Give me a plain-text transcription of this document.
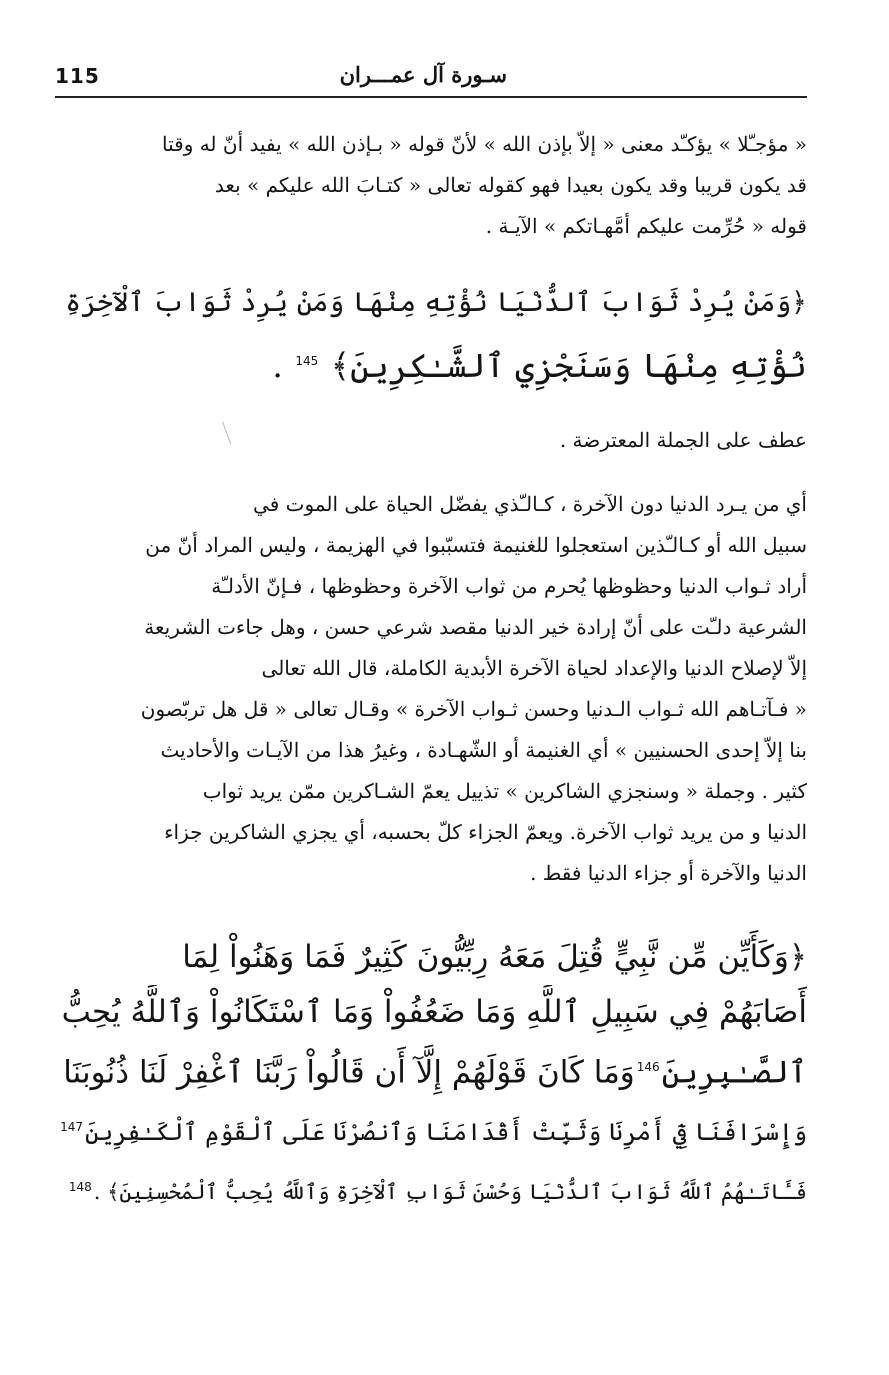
سـورة آل عمـــران
115
« مؤجـّلا » يؤكـّد معنى « إلاّ بإذن الله » لأنّ قوله « بـإذن الله » يفيد أنّ له وقتا
قد يكون قريبا وقد يكون بعيدا فهو كقوله تعالى « كتـابَ الله عليكم » بعد
قوله « حُرِّمت عليكم أمَّهـاتكم » الآيـة .
﴿وَمَنْ يُرِدْ ثَوَابَ ٱلدُّنْيَا نُؤْتِهِ مِنْهَا وَمَنْ يُرِدْ ثَوَابَ ٱلْآخِرَةِ
نُؤْتِهِ مِنْهَا وَسَنَجْزِي ٱلشَّـٰكِرِينَ﴾ 145 .
عطف على الجملة المعترضة .
أي من يـرد الدنيا دون الآخرة ، كـالـّذي يفضّل الحياة على الموت في
سبيل الله أو كـالـّذين استعجلوا للغنيمة فتسبّبوا في الهزيمة ، وليس المراد أنّ من
أراد ثـواب الدنيا وحظوظها يُحرم من ثواب الآخرة وحظوظها ، فـإنّ الأدلـّة
الشرعية دلـّت على أنّ إرادة خير الدنيا مقصد شرعي حسن ، وهل جاءت الشريعة
إلاّ لإصلاح الدنيا والإعداد لحياة الآخرة الأبدية الكاملة، قال الله تعالى
« فـآتـاهم الله ثـواب الـدنيا وحسن ثـواب الآخرة » وقـال تعالى « قل هل تربّصون
بنا إلاّ إحدى الحسنيين » أي الغنيمة أو الشّهـادة ، وغيرُ هذا من الآيـات والأحاديث
كثير . وجملة « وسنجزي الشاكرين » تذييل يعمّ الشـاكرين ممّن يريد ثواب
الدنيا و من يريد ثواب الآخرة. ويعمّ الجزاء كلّ بحسبه، أي يجزي الشاكرين جزاء
الدنيا والآخرة أو جزاء الدنيا فقط .
﴿وَكَأَيِّن مِّن نَّبِيٍّ قُتِلَ مَعَهُ رِبِّيُّونَ كَثِيرٌ فَمَا وَهَنُواْ لِمَا
أَصَابَهُمْ فِي سَبِيلِ ٱللَّهِ وَمَا ضَعُفُواْ وَمَا ٱسْتَكَانُواْ وَٱللَّهُ يُحِبُّ
ٱلصَّـٰبِرِينَ146وَمَا كَانَ قَوْلَهُمْ إِلَّآ أَن قَالُواْ رَبَّنَا ٱغْفِرْ لَنَا ذُنُوبَنَا
وَإِسْرَافَنَا فِيٓ أَمْرِنَا وَثَبِّتْ أَقْدَامَنَا وَٱنصُرْنَا عَلَى ٱلْقَوْمِ ٱلْكَـٰفِرِينَ147
فَـَٔاتَـٰهُمُ ٱللَّهُ ثَوَابَ ٱلدُّنْيَا وَحُسْنَ ثَوَابِ ٱلْآخِرَةِ وَٱللَّهُ يُحِبُّ ٱلْمُحْسِنِينَ﴾ .148
